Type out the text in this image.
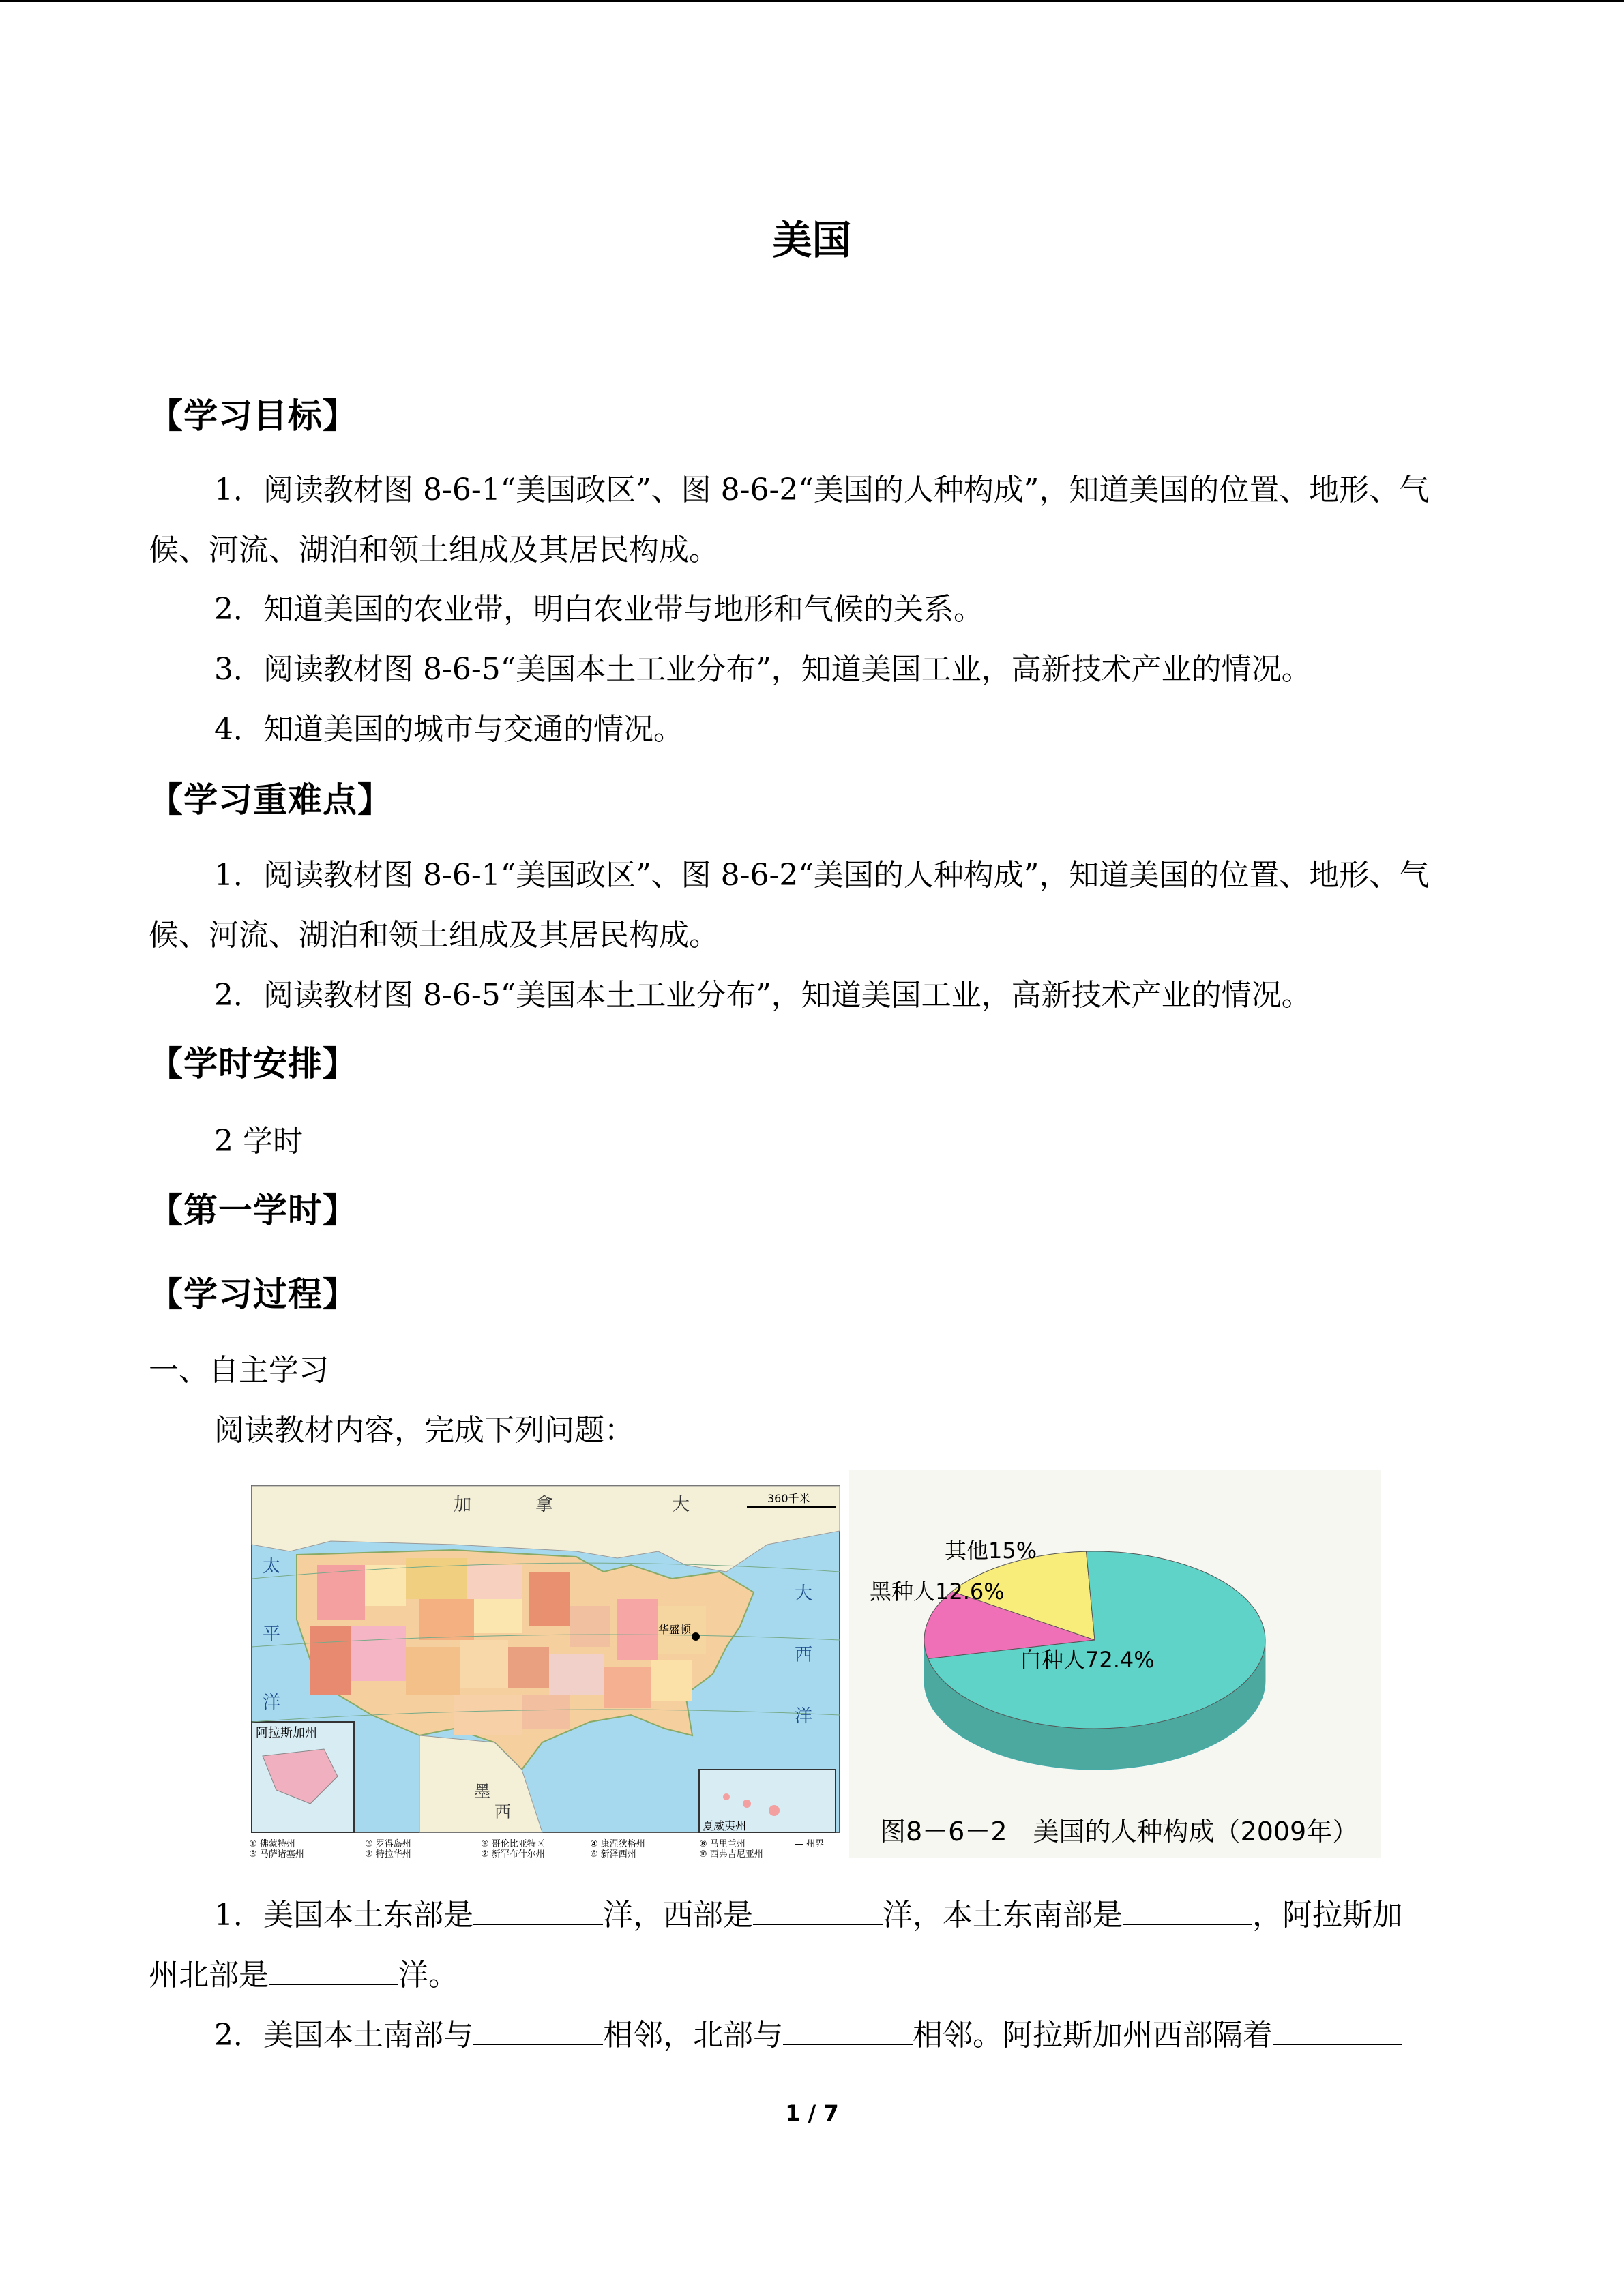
美国
【学习目标】
1．阅读教材图 8-6-1“美国政区”、图 8-6-2“美国的人种构成”，知道美国的位置、地形、气候、河流、湖泊和领土组成及其居民构成。
2．知道美国的农业带，明白农业带与地形和气候的关系。
3．阅读教材图 8-6-5“美国本土工业分布”，知道美国工业，高新技术产业的情况。
4．知道美国的城市与交通的情况。
【学习重难点】
1．阅读教材图 8-6-1“美国政区”、图 8-6-2“美国的人种构成”，知道美国的位置、地形、气候、河流、湖泊和领土组成及其居民构成。
2．阅读教材图 8-6-5“美国本土工业分布”，知道美国工业，高新技术产业的情况。
【学时安排】
2 学时
【第一学时】
【学习过程】
一、自主学习
阅读教材内容，完成下列问题：
加	拿	大
太
平
洋
大
西
洋
墨
西
阿拉斯加州
夏威夷州
华盛顿
360千米
① 佛蒙特州	⑤ 罗得岛州	⑨ 哥伦比亚特区	④ 康涅狄格州	⑧ 马里兰州
③ 马萨诸塞州	⑦ 特拉华州	② 新罕布什尔州	⑥ 新泽西州	⑩ 西弗吉尼亚州
— 州界
白种人72.4%
黑种人12.6%
其他15%
图8－6－2　美国的人种构成（2009年）
1．美国本土东部是	洋，西部是	洋，本土东南部是	，阿拉斯加
州北部是	洋。
2．美国本土南部与	相邻，北部与	相邻。阿拉斯加州西部隔着
1 / 7
